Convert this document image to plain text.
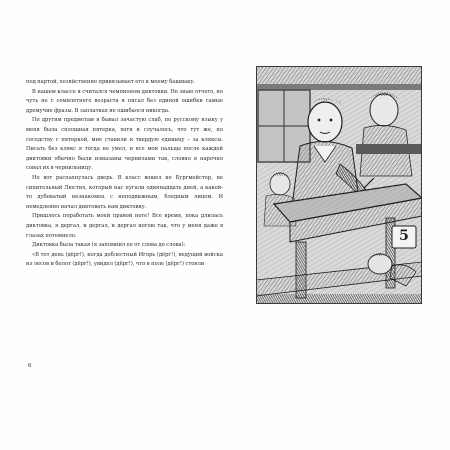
под партой, хозяйственно привязывает его к моему башмаку.

В нашем классе я считался чемпионом диктовки. Не знаю отчего, но чуть не с семилетнего возраста я писал без единой ошибки самые дремучие фразы. В заплатках не ошибался никогда.

По другим предметам я бывал зачастую слаб, по русскому языку у меня была сплошная пятерка, хотя и случалось, что тут же, по соседству с пятеркой, мне ставили и твердую единицу – за кляксы. Писать без клякс я тогда не умел, и все мои пальцы после каждой диктовки обычно были измазаны чернилами так, словно я нарочно совал их в чернильницу.

Но вот распахнулась дверь. В класс вошел не Бургмейстер, не сипительный Люстих, который нас пугали одиннадцать дней, а какой-то дубоватый незнакомец с неподвижным, бледным лицом. И немедленно начал диктовать нам диктовку.

Пришлось поработать моей правой ноге! Все время, пока длилась диктовка, я дергал, и дергал, и дергал ногою так, что у меня даже в глазах потемнело.

Диктовка была такая (я запомнил ее от слова до слова):

«В тот день (дёрг!), когда доблестный Игорь (дёрг!), ведущий войска из лесов и болот (дёрг!), увидел (дёрг!), что в поле (дёрг!) стояли

6
5
